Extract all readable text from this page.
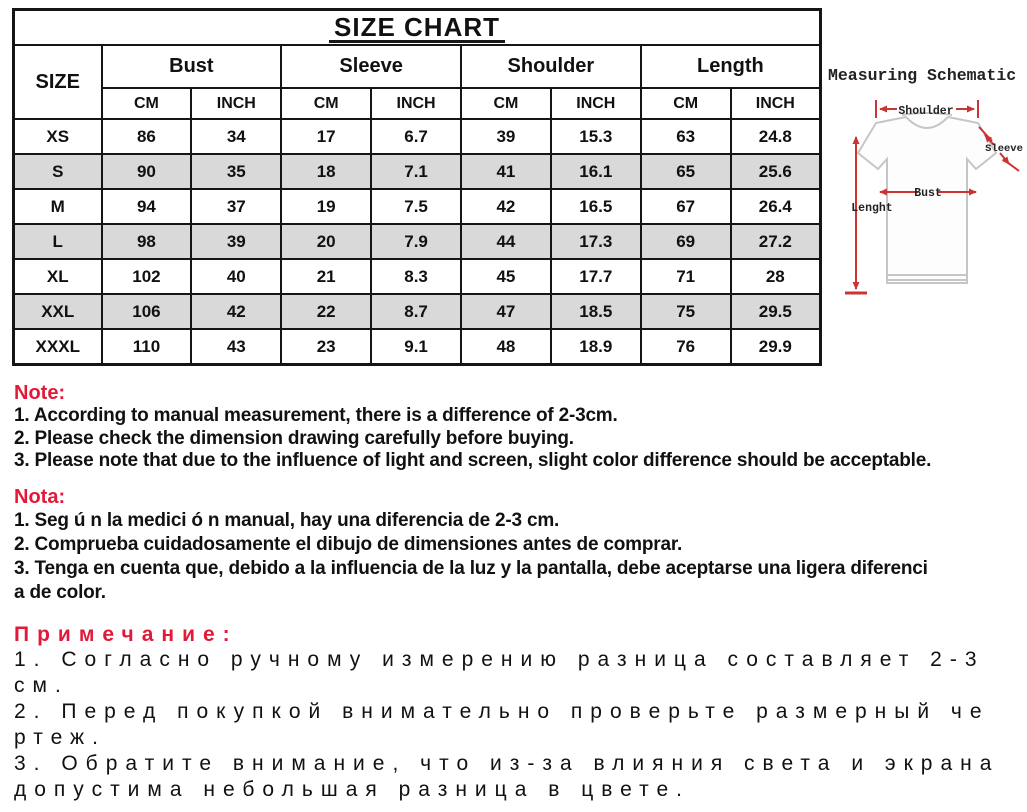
SIZE CHART								
SIZE	Bust		Sleeve		Shoulder		Length	
	CM	INCH	CM	INCH	CM	INCH	CM	INCH
XS	86	34	17	6.7	39	15.3	63	24.8
S	90	35	18	7.1	41	16.1	65	25.6
M	94	37	19	7.5	42	16.5	67	26.4
L	98	39	20	7.9	44	17.3	69	27.2
XL	102	40	21	8.3	45	17.7	71	28
XXL	106	42	22	8.7	47	18.5	75	29.5
XXXL	110	43	23	9.1	48	18.9	76	29.9
Measuring Schematic
Shoulder
Sleeve
Bust
Lenght
Note:
1. According to manual measurement, there is a difference of 2-3cm.
2. Please check the dimension drawing carefully before buying.
3. Please note that due to the influence of light and screen, slight color difference should be acceptable.
Nota:
1. Seg ú n la medici ó n manual, hay una diferencia de 2-3 cm.
2. Comprueba cuidadosamente el dibujo de dimensiones antes de comprar.
3. Tenga en cuenta que, debido a la influencia de la luz y la pantalla, debe aceptarse una ligera diferenci
a de color.
Примечание:
1. Согласно ручному измерению разница составляет 2-3
см.
2. Перед покупкой внимательно проверьте размерный че
ртеж.
3. Обратите внимание, что из-за влияния света и экрана
допустима небольшая разница в цвете.
